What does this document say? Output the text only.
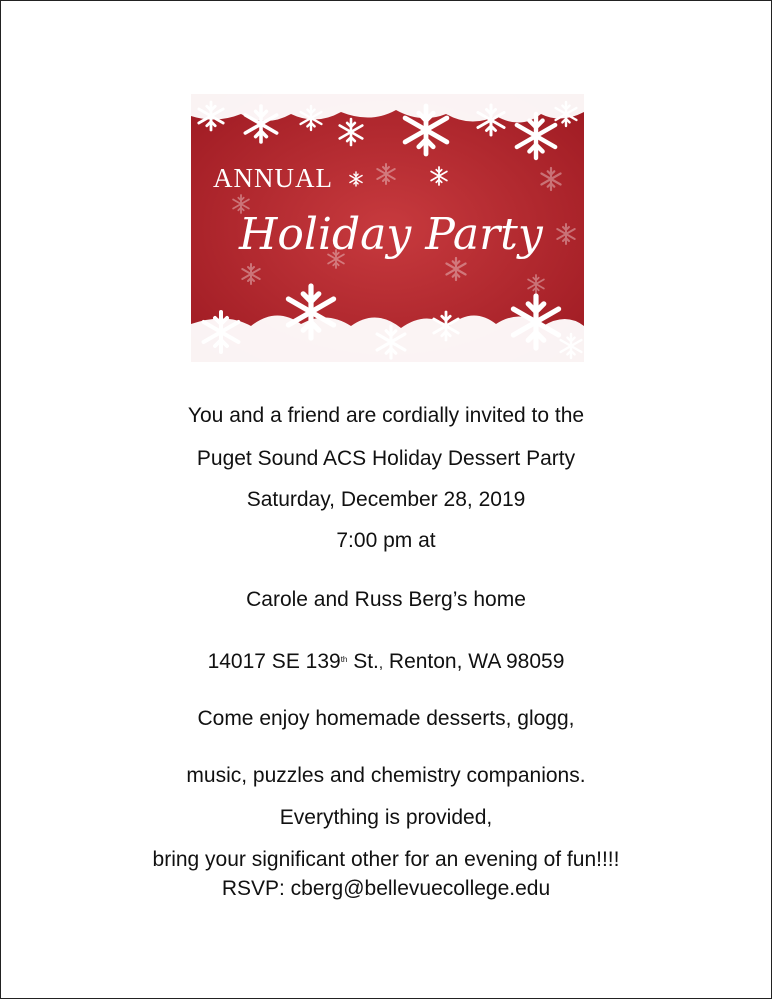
ANNUAL
Holiday Party
You and a friend are cordially invited to the
Puget Sound ACS Holiday Dessert Party
Saturday, December 28, 2019
7:00 pm at
Carole and Russ Berg’s home
14017 SE 139th St., Renton, WA 98059
Come enjoy homemade desserts, glogg,
music, puzzles and chemistry companions.
Everything is provided,
bring your significant other for an evening of fun!!!!
RSVP: cberg@bellevuecollege.edu
